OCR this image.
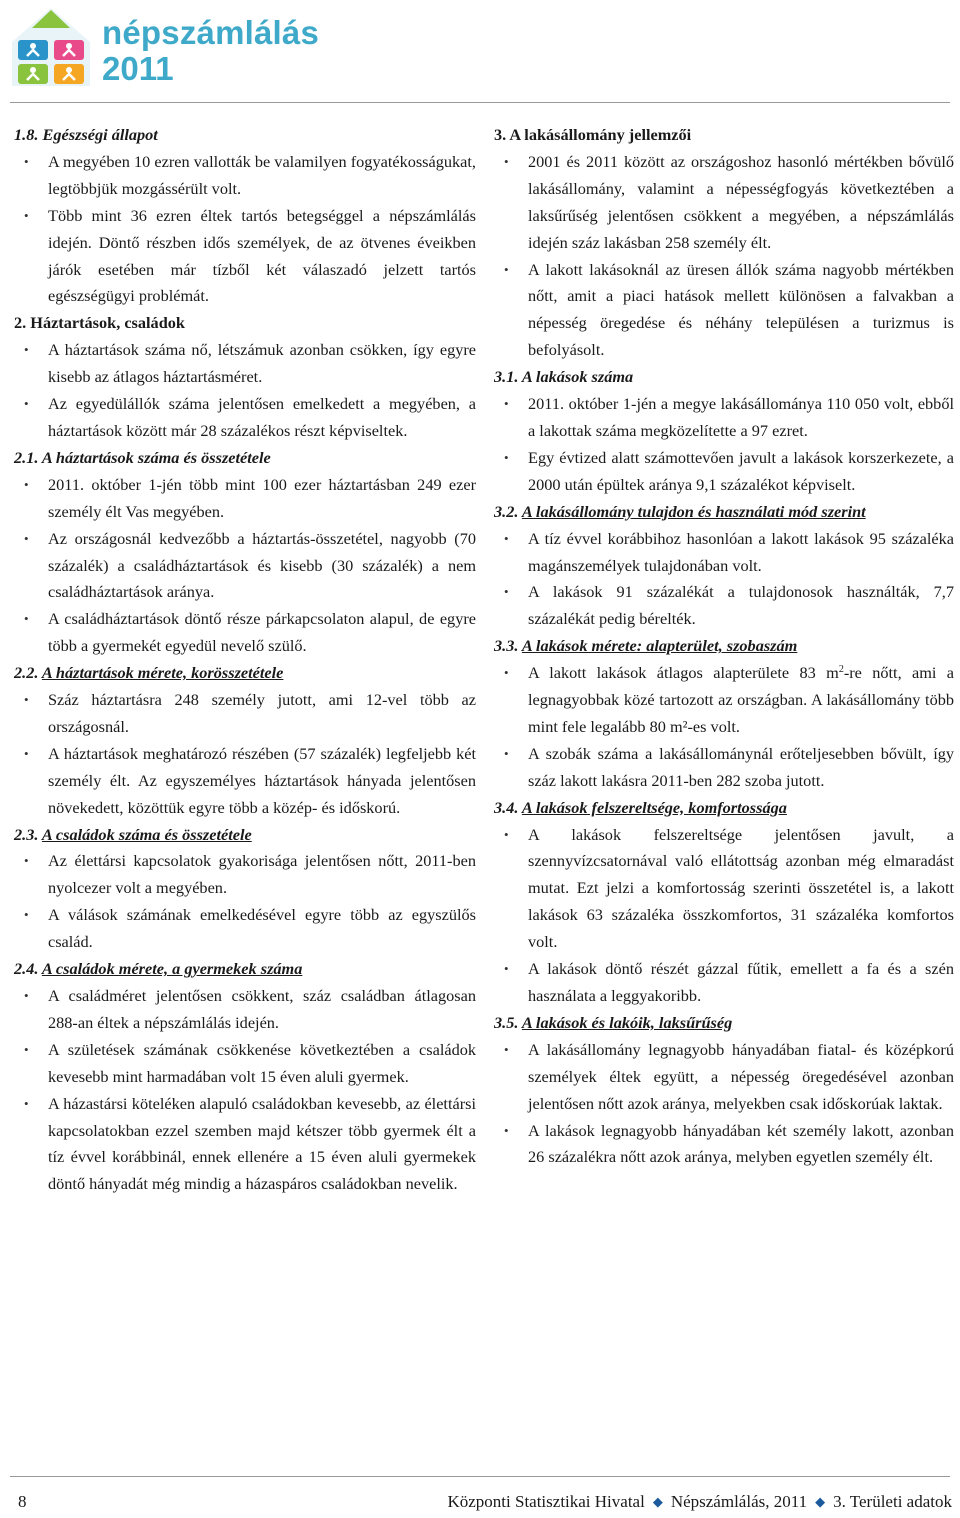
népszámlálás
2011

1.8. Egészségi állapot

• A megyében 10 ezren vallották be valamilyen fogyatékosságukat, legtöbbjük mozgássérült volt.
• Több mint 36 ezren éltek tartós betegséggel a népszámlálás idején. Döntő részben idős személyek, de az ötvenes éveikben járók esetében már tízből két válaszadó jelzett tartós egészségügyi problémát.

2. Háztartások, családok

• A háztartások száma nő, létszámuk azonban csökken, így egyre kisebb az átlagos háztartásméret.
• Az egyedülállók száma jelentősen emelkedett a megyében, a háztartások között már 28 százalékos részt képviseltek.

2.1. A háztartások száma és összetétele

• 2011. október 1-jén több mint 100 ezer háztartásban 249 ezer személy élt Vas megyében.
• Az országosnál kedvezőbb a háztartás-összetétel, nagyobb (70 százalék) a családháztartások és kisebb (30 százalék) a nem családháztartások aránya.
• A családháztartások döntő része párkapcsolaton alapul, de egyre több a gyermekét egyedül nevelő szülő.

2.2. A háztartások mérete, korösszetétele

• Száz háztartásra 248 személy jutott, ami 12-vel több az országosnál.
• A háztartások meghatározó részében (57 százalék) legfeljebb két személy élt. Az egyszemélyes háztartások hányada jelentősen növekedett, közöttük egyre több a közép- és időskorú.

2.3. A családok száma és összetétele

• Az élettársi kapcsolatok gyakorisága jelentősen nőtt, 2011-ben nyolcezer volt a megyében.
• A válások számának emelkedésével egyre több az egyszülős család.

2.4. A családok mérete, a gyermekek száma

• A családméret jelentősen csökkent, száz családban átlagosan 288-an éltek a népszámlálás idején.
• A születések számának csökkenése következtében a családok kevesebb mint harmadában volt 15 éven aluli gyermek.
• A házastársi köteléken alapuló családokban kevesebb, az élettársi kapcsolatokban ezzel szemben majd kétszer több gyermek élt a tíz évvel korábbinál, ennek ellenére a 15 éven aluli gyermekek döntő hányadát még mindig a házaspáros családokban nevelik.

3. A lakásállomány jellemzői

• 2001 és 2011 között az országoshoz hasonló mértékben bővülő lakásállomány, valamint a népességfogyás következtében a laksűrűség jelentősen csökkent a megyében, a népszámlálás idején száz lakásban 258 személy élt.
• A lakott lakásoknál az üresen állók száma nagyobb mértékben nőtt, amit a piaci hatások mellett különösen a falvakban a népesség öregedése és néhány településen a turizmus is befolyásolt.

3.1. A lakások száma

• 2011. október 1-jén a megye lakásállománya 110 050 volt, ebből a lakottak száma megközelítette a 97 ezret.
• Egy évtized alatt számottevően javult a lakások korszerkezete, a 2000 után épültek aránya 9,1 százalékot képviselt.

3.2. A lakásállomány tulajdon és használati mód szerint

• A tíz évvel korábbihoz hasonlóan a lakott lakások 95 százaléka magánszemélyek tulajdonában volt.
• A lakások 91 százalékát a tulajdonosok használták, 7,7 százalékát pedig bérelték.

3.3. A lakások mérete: alapterület, szobaszám

• A lakott lakások átlagos alapterülete 83 $m^2-re$ nőtt, ami a legnagyobbak közé tartozott az országban. A lakásállomány több mint fele legalább 80 m²-es volt.
• A szobák száma a lakásállománynál erőteljesebben bővült, így száz lakott lakásra 2011-ben 282 szoba jutott.

3.4. A lakások felszereltsége, komfortossága

• A lakások felszereltsége jelentősen javult, a szennyvízcsatornával való ellátottság azonban még elmaradást mutat. Ezt jelzi a komfortosság szerinti összetétel is, a lakott lakások 63 százaléka összkomfortos, 31 százaléka komfortos volt.
• A lakások döntő részét gázzal fűtik, emellett a fa és a szén használata a leggyakoribb.

3.5. A lakások és lakóik, laksűrűség

• A lakásállomány legnagyobb hányadában fiatal- és középkorú személyek éltek együtt, a népesség öregedésével azonban jelentősen nőtt azok aránya, melyekben csak időskorúak laktak.
• A lakások legnagyobb hányadában két személy lakott, azonban 26 százalékra nőtt azok aránya, melyben egyetlen személy élt.
8	Központi Statisztikai Hivatal ◆ Népszámlálás, 2011 ◆ 3. Területi adatok
